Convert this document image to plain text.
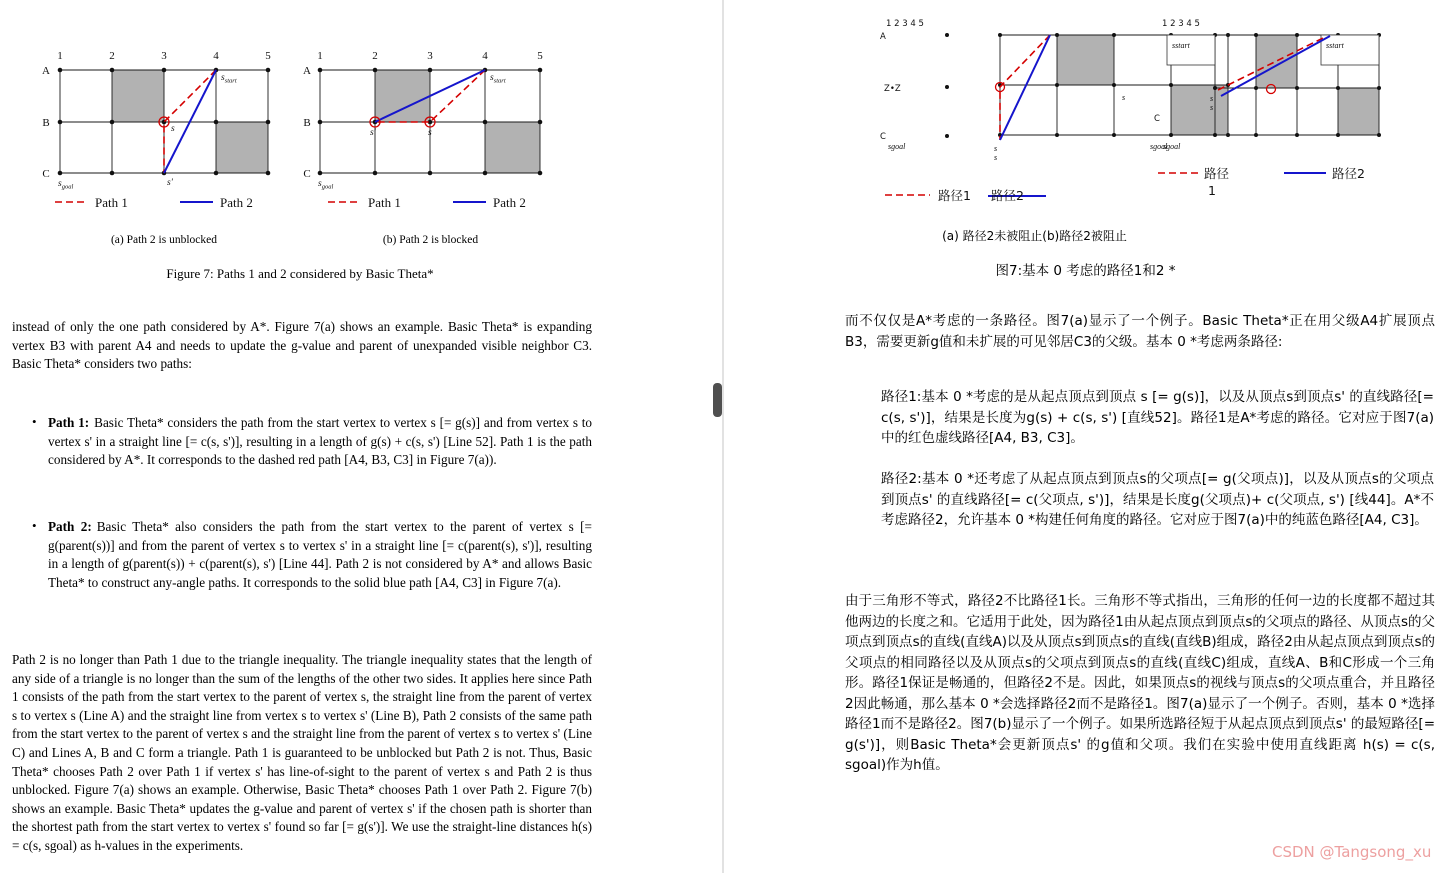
1	2	3	4	5
A
B
C
$s_{start}$
s
s'
$s_{goal}$
Path 1	Path 2
1	2	3	4	5
A
B
C
$s_{start}$
s'	s
$s_{goal}$
Path 1	Path 2
(a) Path 2 is unblocked	(b) Path 2 is blocked
Figure 7: Paths 1 and 2 considered by Basic Theta*

instead of only the one path considered by A*. Figure 7(a) shows an example. Basic Theta* is expanding vertex B3 with parent A4 and needs to update the g-value and parent of unexpanded visible neighbor C3. Basic Theta* considers two paths:

• Path 1: Basic Theta* considers the path from the start vertex to vertex s [= g(s)] and from vertex s to vertex s' in a straight line [= c(s, s')], resulting in a length of g(s) + c(s, s') [Line 52]. Path 1 is the path considered by A*. It corresponds to the dashed red path [A4, B3, C3] in Figure 7(a)).
• Path 2: Basic Theta* also considers the path from the start vertex to the parent of vertex s [= g(parent(s))] and from the parent of vertex s to vertex s' in a straight line [= c(parent(s), s')], resulting in a length of g(parent(s)) + c(parent(s), s') [Line 44]. Path 2 is not considered by A* and allows Basic Theta* to construct any-angle paths. It corresponds to the solid blue path [A4, C3] in Figure 7(a).

Path 2 is no longer than Path 1 due to the triangle inequality. The triangle inequality states that the length of any side of a triangle is no longer than the sum of the lengths of the other two sides. It applies here since Path 1 consists of the path from the start vertex to the parent of vertex s, the straight line from the parent of vertex s to vertex s (Line A) and the straight line from vertex s to vertex s' (Line B), Path 2 consists of the same path from the start vertex to the parent of vertex s and the straight line from the parent of vertex s to vertex s' (Line C) and Lines A, B and C form a triangle. Path 1 is guaranteed to be unblocked but Path 2 is not. Thus, Basic Theta* chooses Path 2 over Path 1 if vertex s' has line-of-sight to the parent of vertex s and Path 2 is thus unblocked. Figure 7(a) shows an example. Otherwise, Basic Theta* chooses Path 1 over Path 2. Figure 7(b) shows an example. Basic Theta* updates the g-value and parent of vertex s' if the chosen path is shorter than the shortest path from the start vertex to vertex s' found so far [= g(s')]. We use the straight-line distances h(s) = c(s, sgoal) as h-values in the experiments.

1 2 3 4 5	1 2 3 4 5
A
Z•Z
C
sgoal
s
s
s
sgoal
sstart	sstart
s
s
C
sgoal
路径1 路径2
路径
1
路径2
(a) 路径2未被阻止(b)路径2被阻止
图7:基本 0 考虑的路径1和2 *

而不仅仅是A*考虑的一条路径。图7(a)显示了一个例子。Basic Theta*正在用父级A4扩展顶点B3，需要更新g值和未扩展的可见邻居C3的父级。基本 0 *考虑两条路径:

路径1:基本 0 *考虑的是从起点顶点到顶点 s [= g(s)]，以及从顶点s到顶点s' 的直线路径[= c(s, s')]，结果是长度为g(s) + c(s, s') [直线52]。路径1是A*考虑的路径。它对应于图7(a)中的红色虚线路径[A4, B3, C3]。

路径2:基本 0 *还考虑了从起点顶点到顶点s的父项点[= g(父项点)]，以及从顶点s的父项点到顶点s' 的直线路径[= c(父项点, s')]，结果是长度g(父项点)+ c(父项点, s') [线44]。A*不考虑路径2，允许基本 0 *构建任何角度的路径。它对应于图7(a)中的纯蓝色路径[A4, C3]。

由于三角形不等式，路径2不比路径1长。三角形不等式指出，三角形的任何一边的长度都不超过其他两边的长度之和。它适用于此处，因为路径1由从起点顶点到顶点s的父项点的路径、从顶点s的父项点到顶点s的直线(直线A)以及从顶点s到顶点s的直线(直线B)组成，路径2由从起点顶点到顶点s的父项点的相同路径以及从顶点s的父项点到顶点s的直线(直线C)组成，直线A、B和C形成一个三角形。路径1保证是畅通的，但路径2不是。因此，如果顶点s的视线与顶点s的父项点重合，并且路径2因此畅通，那么基本 0 *会选择路径2而不是路径1。图7(a)显示了一个例子。否则，基本 0 *选择路径1而不是路径2。图7(b)显示了一个例子。如果所选路径短于从起点顶点到顶点s' 的最短路径[= g(s')]，则Basic Theta*会更新顶点s' 的g值和父项。我们在实验中使用直线距离 h(s) = c(s, sgoal)作为h值。

CSDN @Tangsong_xu
